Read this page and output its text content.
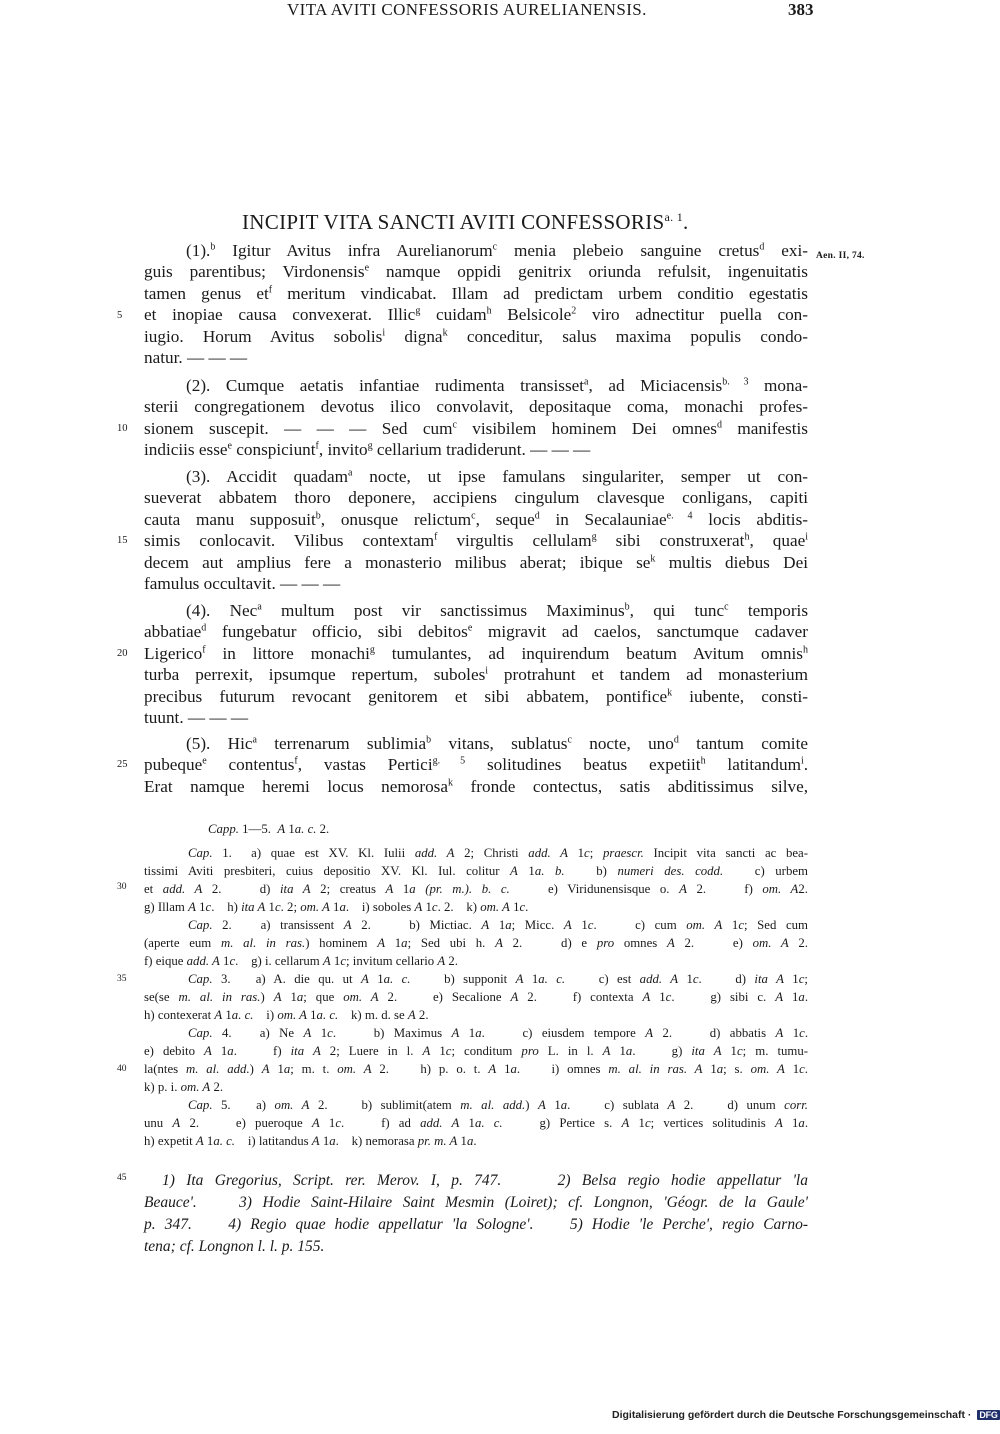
VITA AVITI CONFESSORIS AURELIANENSIS.	383
INCIPIT VITA SANCTI AVITI $CONFESSORIS^{a. 1}$.
Aen. II, 74.
(1).$^b$ Igitur Avitus infra Aurelianorum$^c$ menia plebeio sanguine cretus$^d$ exi-
guis parentibus; Virdonensis$^e$ namque oppidi genitrix oriunda refulsit, ingenuitatis
tamen genus $et^f$ meritum vindicabat. Illam ad predictam urbem conditio egestatis
et inopiae causa convexerat. Illic$^g$ cuidam$^h$ Belsicole$^2$ viro adnectitur puella con-
iugio. Horum Avitus sobolis$^i$ digna$^k$ conceditur, salus maxima populis condo-
natur. — — —
(2). Cumque aetatis infantiae rudimenta transisset$^a$, ad Miciacensis$^{b. 3}$ mona-
sterii congregationem devotus ilico convolavit, depositaque coma, monachi profes-
sionem suscepit. — — — Sed cum$^c$ visibilem hominem Dei omnes$^d$ manifestis
indiciis esse$^e$ conspiciunt$^f$, invito$^g$ cellarium tradiderunt. — — —
(3). Accidit quadam$^a$ nocte, ut ipse famulans singulariter, semper ut con-
sueverat abbatem thoro deponere, accipiens cingulum clavesque conligans, capiti
cauta manu supposuit$^b$, onusque relictum$^c$, seque$^d$ in Secalauniae$^{e. 4}$ locis abditis-
simis conlocavit. Vilibus contextam$^f$ virgultis cellulam$^g$ sibi construxerat$^h$, quae$^i$
decem aut amplius fere a monasterio milibus aberat; ibique $se^k$ multis diebus Dei
famulus occultavit. — — —
(4). Nec$^a$ multum post vir sanctissimus Maximinus$^b$, qui tunc$^c$ temporis
abbatiae$^d$ fungebatur officio, sibi debitos$^e$ migravit ad caelos, sanctumque cadaver
Ligerico$^f$ in littore monachi$^g$ tumulantes, ad inquirendum beatum Avitum omnis$^h$
turba perrexit, ipsumque repertum, suboles$^i$ protrahunt et tandem ad monasterium
precibus futurum revocant genitorem et sibi abbatem, pontifice$^k$ iubente, consti-
tuunt. — — —
(5). Hic$^a$ terrenarum sublimia$^b$ vitans, sublatus$^c$ nocte, uno$^d$ tantum comite
pubeque$^e$ contentus$^f$, vastas Pertici$^{g. 5}$ solitudines beatus expetiit$^h$ latitandum$^i$.
Erat namque heremi locus nemorosa$^k$ fronde contectus, satis abditissimus silve,
5
10
15
20
25
30
35
40
45
Capp. 1—5.  A 1a. c. 2.
Cap. 1.  a) quae est XV. Kl. Iulii add. A 2; Christi add. A 1c; praescr. Incipit vita sancti ac bea-
tissimi Aviti presbiteri, cuius depositio XV. Kl. Iul. colitur A 1a. b.   b) numeri des. codd.   c) urbem
et add. A 2.    d) ita A 2; creatus A 1a (pr. m.). b. c.    e) Viridunensisque o. A 2.    f) om. A2.
g) Illam A 1c.    h) ita A 1c. 2; om. A 1a.    i) soboles A 1c. 2.    k) om. A 1c.
Cap. 2.   a) transissent A 2.    b) Mictiac. A 1a; Micc. A 1c.    c) cum om. A 1c; Sed cum
(aperte eum m. al. in ras.) hominem A 1a; Sed ubi h. A 2.    d) e pro omnes A 2.    e) om. A 2.
f) eique add. A 1c.    g) i. cellarum A 1c; invitum cellario A 2.
Cap. 3.   a) A. die qu. ut A 1a. c.    b) supponit A 1a. c.    c) est add. A 1c.    d) ita A 1c;
se(se m. al. in ras.) A 1a; que om. A 2.    e) Secalione A 2.    f) contexta A 1c.    g) sibi c. A 1a.
h) contexerat A 1a. c.    i) om. A 1a. c.    k) m. d. se A 2.
Cap. 4.   a) Ne A 1c.    b) Maximus A 1a.    c) eiusdem tempore A 2.    d) abbatis A 1c.
e) debito A 1a.    f) ita A 2; Luere in l. A 1c; conditum pro L. in l. A 1a.    g) ita A 1c; m. tumu-
la(ntes m. al. add.) A 1a; m. t. om. A 2.    h) p. o. t. A 1a.    i) omnes m. al. in ras. A 1a; s. om. A 1c.
k) p. i. om. A 2.
Cap. 5.   a) om. A 2.    b) sublimit(atem m. al. add.) A 1a.    c) sublata A 2.    d) unum corr.
unu A 2.    e) pueroque A 1c.    f) ad add. A 1a. c.    g) Pertice s. A 1c; vertices solitudinis A 1a.
h) expetit A 1a. c.    i) latitandus A 1a.    k) nemorasa pr. m. A 1a.
1) Ita Gregorius, Script. rer. Merov. I, p. 747.     2) Belsa regio hodie appellatur 'la
Beauce'.    3) Hodie Saint-Hilaire Saint Mesmin (Loiret); cf. Longnon, 'Géogr. de la Gaule'
p. 347.    4) Regio quae hodie appellatur 'la Sologne'.    5) Hodie 'le Perche', regio Carno-
tena; cf. Longnon l. l. p. 155.
Digitalisierung gefördert durch die Deutsche Forschungsgemeinschaft · DFG
